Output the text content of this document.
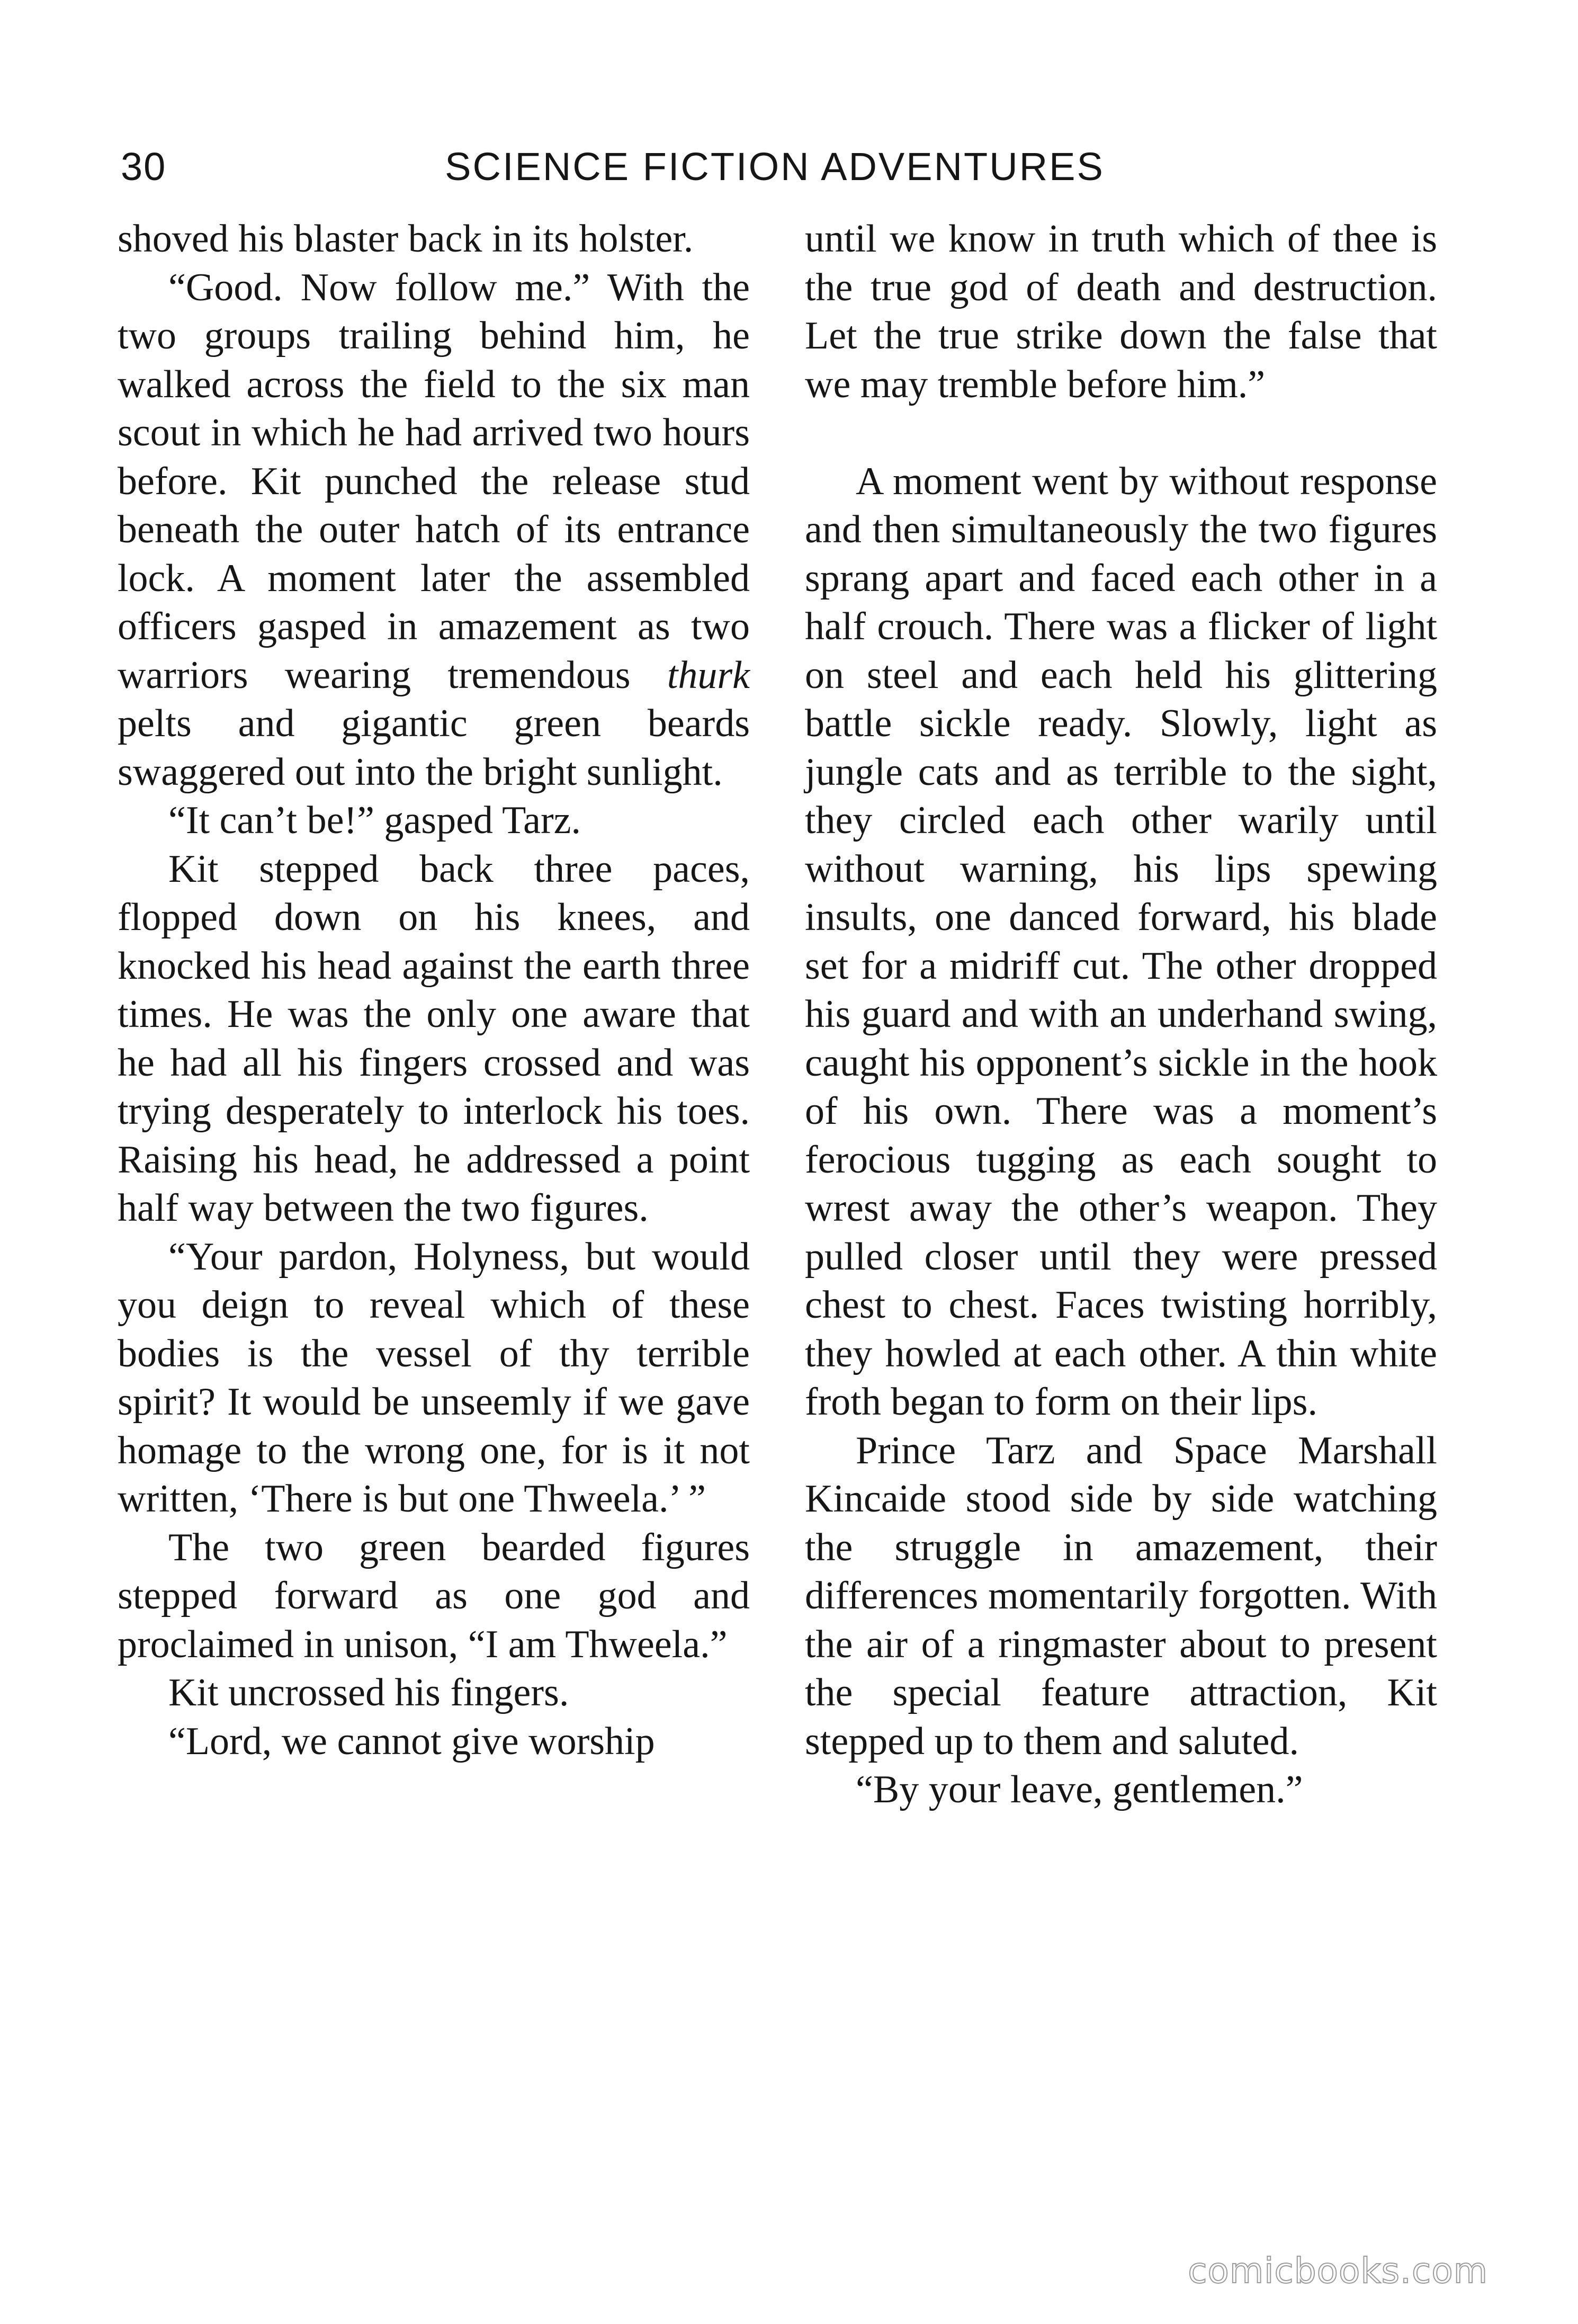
30	SCIENCE FICTION ADVENTURES

shoved his blaster back in its holster.

“Good. Now follow me.” With the two groups trailing behind him, he walked across the field to the six man scout in which he had arrived two hours before. Kit punched the release stud beneath the outer hatch of its entrance lock. A moment later the assembled officers gasped in amazement as two warriors wearing tremendous thurk pelts and gigantic green beards swaggered out into the bright sunlight.

“It can’t be!” gasped Tarz.

Kit stepped back three paces, flopped down on his knees, and knocked his head against the earth three times. He was the only one aware that he had all his fingers crossed and was trying desperately to interlock his toes. Raising his head, he addressed a point half way between the two figures.

“Your pardon, Holyness, but would you deign to reveal which of these bodies is the vessel of thy terrible spirit? It would be unseemly if we gave homage to the wrong one, for is it not written, ‘There is but one Thweela.’ ”

The two green bearded figures stepped forward as one god and proclaimed in unison, “I am Thweela.”

Kit uncrossed his fingers.

“Lord, we cannot give worship

until we know in truth which of thee is the true god of death and destruction. Let the true strike down the false that we may tremble before him.”

A moment went by without response and then simultaneously the two figures sprang apart and faced each other in a half crouch. There was a flicker of light on steel and each held his glittering battle sickle ready. Slowly, light as jungle cats and as terrible to the sight, they circled each other warily until without warning, his lips spewing insults, one danced forward, his blade set for a midriff cut. The other dropped his guard and with an underhand swing, caught his opponent’s sickle in the hook of his own. There was a moment’s ferocious tugging as each sought to wrest away the other’s weapon. They pulled closer until they were pressed chest to chest. Faces twisting horribly, they howled at each other. A thin white froth began to form on their lips.

Prince Tarz and Space Marshall Kincaide stood side by side watching the struggle in amazement, their differences momentarily forgotten. With the air of a ringmaster about to present the special feature attraction, Kit stepped up to them and saluted.

“By your leave, gentlemen.”

comicbooks.com
